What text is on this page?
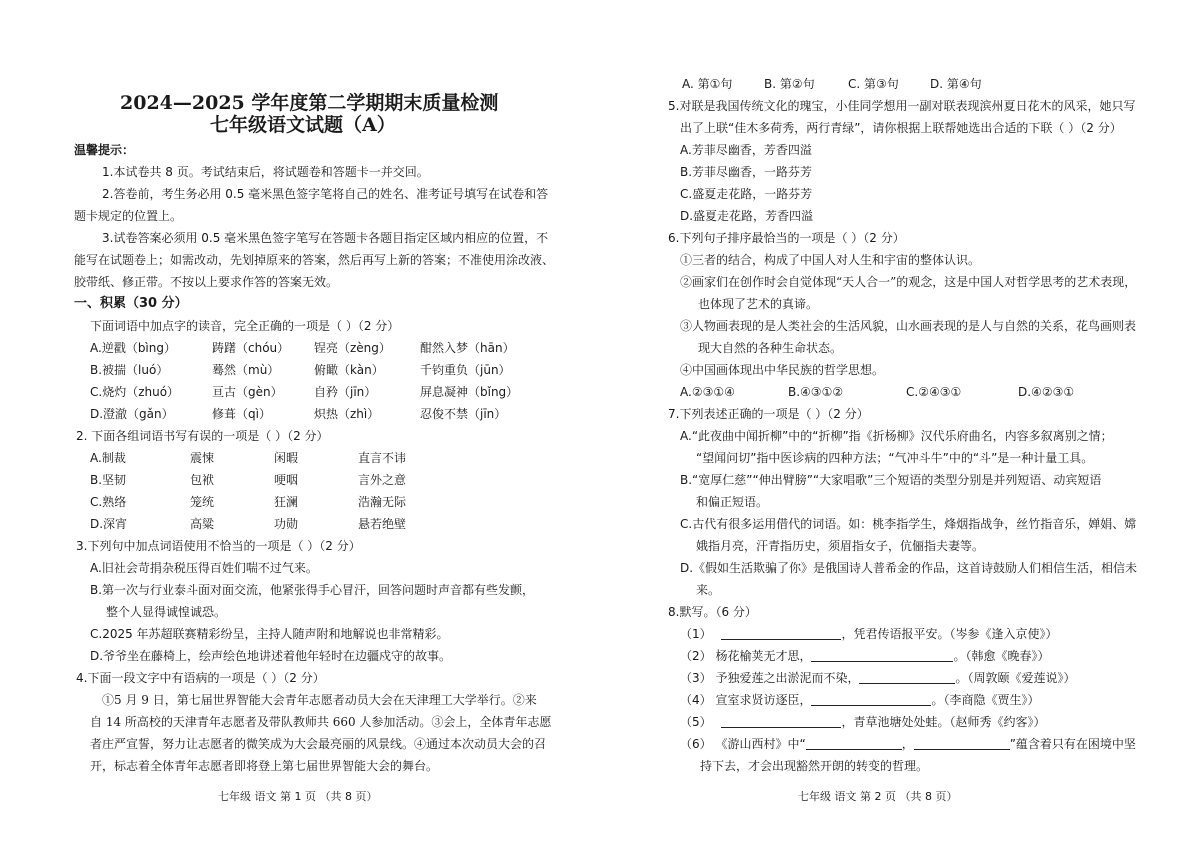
2024—2025 学年度第二学期期末质量检测
七年级语文试题（A）
温馨提示：
1.本试卷共 8 页。考试结束后，将试题卷和答题卡一并交回。
2.答卷前，考生务必用 0.5 毫米黑色签字笔将自己的姓名、准考证号填写在试卷和答
题卡规定的位置上。
3.试卷答案必须用 0.5 毫米黑色签字笔写在答题卡各题目指定区域内相应的位置，不
能写在试题卷上；如需改动，先划掉原来的答案，然后再写上新的答案；不准使用涂改液、
胶带纸、修正带。不按以上要求作答的答案无效。
一、积累（30 分）
下面词语中加点字的读音，完全正确的一项是（ ）（2 分）
A.逆戳（bìng）	踌躇（chóu） 锃亮（zèng） 酣然入梦（hān）
B.被揣（luó）	蓦然（mù）	俯瞰（kàn）	千钧重负（jūn）
C.烧灼（zhuó）	亘古（gèn）	自矜（jīn）	屏息凝神（bǐng）
D.澄澈（gǎn）	修葺（qì）	炽热（zhì）	忍俊不禁（jīn）
2. 下面各组词语书写有误的一项是（ ）（2 分）
A.制裁	震悚	闲暇	直言不讳
B.坚韧	包袱	哽咽	言外之意
C.熟络	笼统	狂澜	浩瀚无际
D.深宵	高粱	功勋	悬若绝壁
3.下列句中加点词语使用不恰当的一项是（ ）（2 分）
A.旧社会苛捐杂税压得百姓们喘不过气来。
B.第一次与行业泰斗面对面交流，他紧张得手心冒汗，回答问题时声音都有些发颤，
整个人显得诚惶诚恐。
C.2025 年苏超联赛精彩纷呈，主持人随声附和地解说也非常精彩。
D.爷爷坐在藤椅上，绘声绘色地讲述着他年轻时在边疆戍守的故事。
4.下面一段文字中有语病的一项是（ ）（2 分）
①5 月 9 日，第七届世界智能大会青年志愿者动员大会在天津理工大学举行。②来
自 14 所高校的天津青年志愿者及带队教师共 660 人参加活动。③会上，全体青年志愿
者庄严宣誓，努力让志愿者的微笑成为大会最亮丽的风景线。④通过本次动员大会的召
开，标志着全体青年志愿者即将登上第七届世界智能大会的舞台。
七年级 语文 第 1 页 （共 8 页）
A. 第①句	B. 第②句	C. 第③句	D. 第④句
5.对联是我国传统文化的瑰宝，小佳同学想用一副对联表现滨州夏日花木的风采，她只写
出了上联“佳木多荷秀，两行青绿”，请你根据上联帮她选出合适的下联（ ）（2 分）
A.芳菲尽幽香，芳香四溢
B.芳菲尽幽香，一路芬芳
C.盛夏走花路，一路芬芳
D.盛夏走花路，芳香四溢
6.下列句子排序最恰当的一项是（ ）（2 分）
①三者的结合，构成了中国人对人生和宇宙的整体认识。
②画家们在创作时会自觉体现“天人合一”的观念，这是中国人对哲学思考的艺术表现，
也体现了艺术的真谛。
③人物画表现的是人类社会的生活风貌，山水画表现的是人与自然的关系，花鸟画则表
现大自然的各种生命状态。
④中国画体现出中华民族的哲学思想。
A.②③①④	B.④③①②	C.②④③①	D.④②③①
7.下列表述正确的一项是（ ）（2 分）
A.“此夜曲中闻折柳”中的“折柳”指《折杨柳》汉代乐府曲名，内容多叙离别之情；
“望闻问切”指中医诊病的四种方法；“气冲斗牛”中的“斗”是一种计量工具。
B.“宽厚仁慈”“伸出臂膀”“大家唱歌”三个短语的类型分别是并列短语、动宾短语
和偏正短语。
C.古代有很多运用借代的词语。如：桃李指学生，烽烟指战争，丝竹指音乐，婵娟、嫦
娥指月亮，汗青指历史，须眉指女子，伉俪指夫妻等。
D.《假如生活欺骗了你》是俄国诗人普希金的作品，这首诗鼓励人们相信生活，相信未
来。
8.默写。（6 分）
（1）	，凭君传语报平安。（岑参《逢入京使》）
（2） 杨花榆荚无才思，	。（韩愈《晚春》）
（3） 予独爱莲之出淤泥而不染，	。（周敦颐《爱莲说》）
（4） 宣室求贤访逐臣，	。（李商隐《贾生》）
（5）	，青草池塘处处蛙。（赵师秀《约客》）
（6） 《游山西村》中“	，	”蕴含着只有在困境中坚
持下去，才会出现豁然开朗的转变的哲理。
七年级 语文 第 2 页 （共 8 页）
